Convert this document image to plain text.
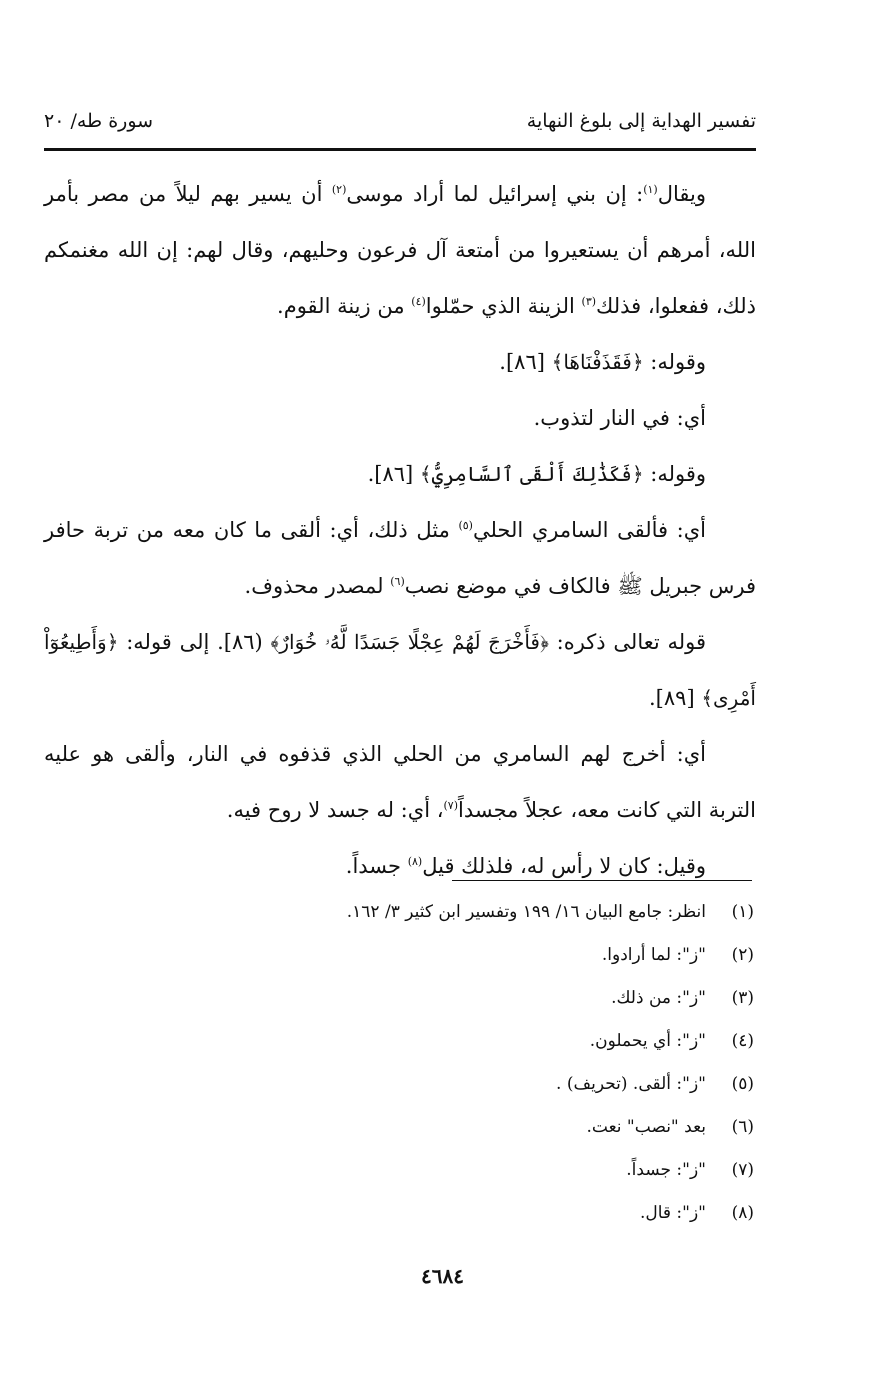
تفسير الهداية إلى بلوغ النهاية
سورة طه/ ٢٠

ويقال$^{(١)}$: إن بني إسرائيل لما أراد موسى$^{(٢)}$ أن يسير بهم ليلاً من مصر بأمر الله، أمرهم أن يستعيروا من أمتعة آل فرعون وحليهم، وقال لهم: إن الله مغنمكم ذلك، ففعلوا، فذلك$^{(٣)}$ الزينة الذي حمّلوا$^{(٤)}$ من زينة القوم.

وقوله: ﴿فَقَذَفْنَاهَا﴾ [٨٦].

أي: في النار لتذوب.

وقوله: ﴿فَكَذَٰلِكَ أَلْقَى ٱلسَّامِرِيُّ﴾ [٨٦].

أي: فألقى السامري الحلي$^{(٥)}$ مثل ذلك، أي: ألقى ما كان معه من تربة حافر فرس جبريل ﷺ فالكاف في موضع نصب$^{(٦)}$ لمصدر محذوف.

قوله تعالى ذكره: ﴿فَأَخْرَجَ لَهُمْ عِجْلًا جَسَدًا لَّهُۥ خُوَارٌ﴾ (٨٦]. إلى قوله: ﴿وَأَطِيعُوٓاْ أَمْرِى﴾ [٨٩].

أي: أخرج لهم السامري من الحلي الذي قذفوه في النار، وألقى هو عليه التربة التي كانت معه، عجلاً مجسداً$^{(٧)}$، أي: له جسد لا روح فيه.

وقيل: كان لا رأس له، فلذلك قيل$^{(٨)}$ جسداً.

(١)
انظر: جامع البيان ١٦/ ١٩٩ وتفسير ابن كثير ٣/ ١٦٢.
(٢)
"ز": لما أرادوا.
(٣)
"ز": من ذلك.
(٤)
"ز": أي يحملون.
(٥)
"ز": ألقى. (تحريف) .
(٦)
بعد "نصب" نعت.
(٧)
"ز": جسداً.
(٨)
"ز": قال.
٤٦٨٤
